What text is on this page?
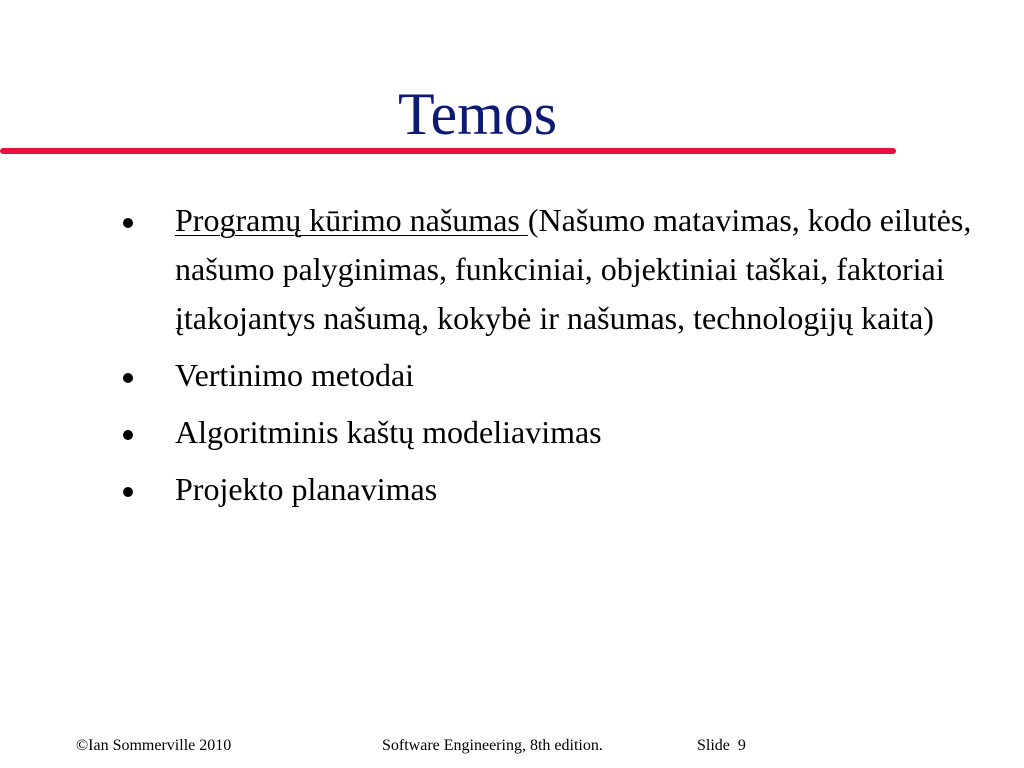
Temos
Programų kūrimo našumas (Našumo matavimas, kodo eilutės, našumo palyginimas, funkciniai, objektiniai taškai, faktoriai įtakojantys našumą, kokybė ir našumas, technologijų kaita)
Vertinimo metodai
Algoritminis kaštų modeliavimas
Projekto planavimas
©Ian Sommerville 2010	Software Engineering, 8th edition.	Slide  9
